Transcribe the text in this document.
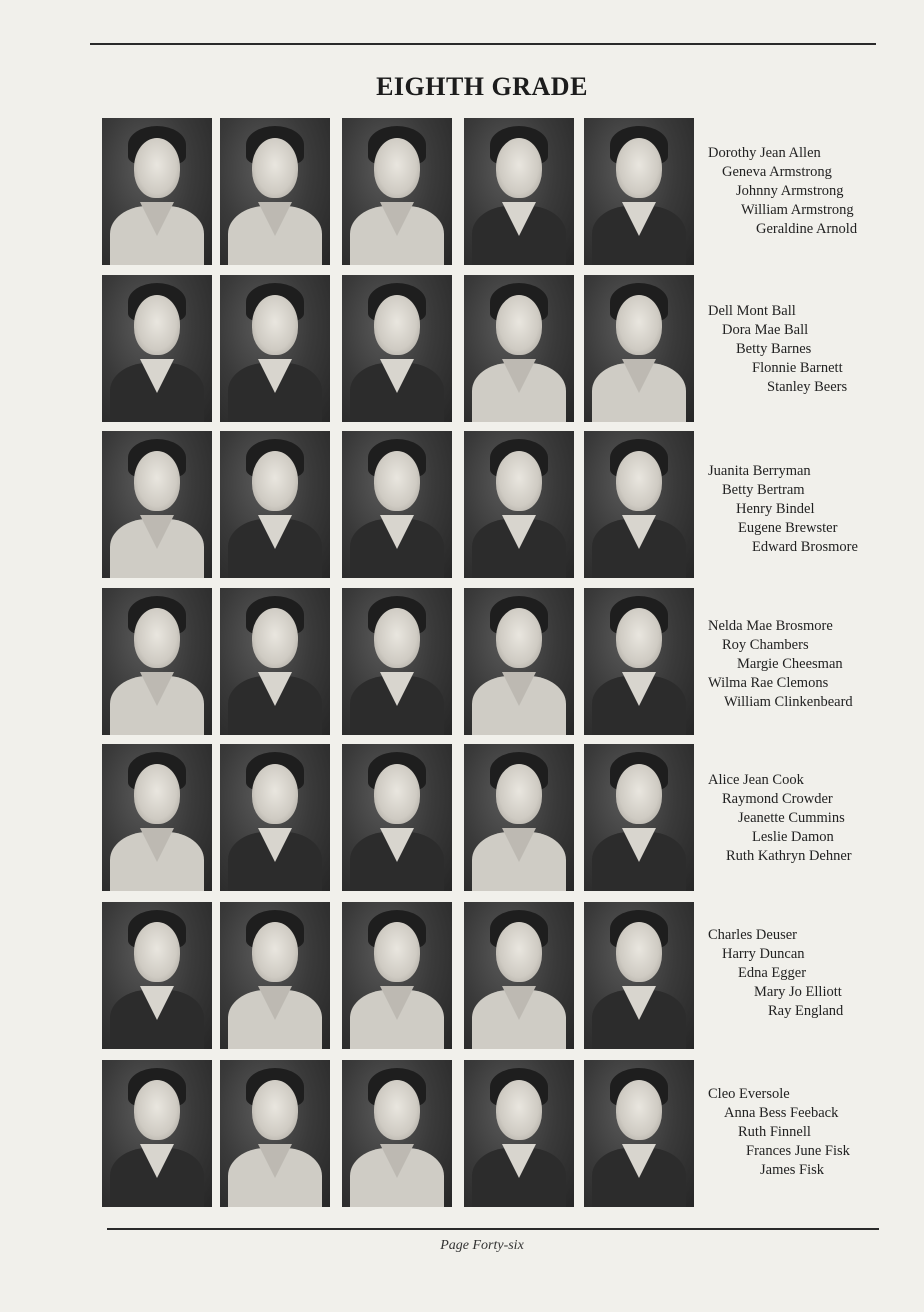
EIGHTH GRADE
Dorothy Jean Allen
Geneva Armstrong
Johnny Armstrong
William Armstrong
Geraldine Arnold
Dell Mont Ball
Dora Mae Ball
Betty Barnes
Flonnie Barnett
Stanley Beers
Juanita Berryman
Betty Bertram
Henry Bindel
Eugene Brewster
Edward Brosmore
Nelda Mae Brosmore
Roy Chambers
Margie Cheesman
Wilma Rae Clemons
William Clinkenbeard
Alice Jean Cook
Raymond Crowder
Jeanette Cummins
Leslie Damon
Ruth Kathryn Dehner
Charles Deuser
Harry Duncan
Edna Egger
Mary Jo Elliott
Ray England
Cleo Eversole
Anna Bess Feeback
Ruth Finnell
Frances June Fisk
James Fisk
Page Forty-six
